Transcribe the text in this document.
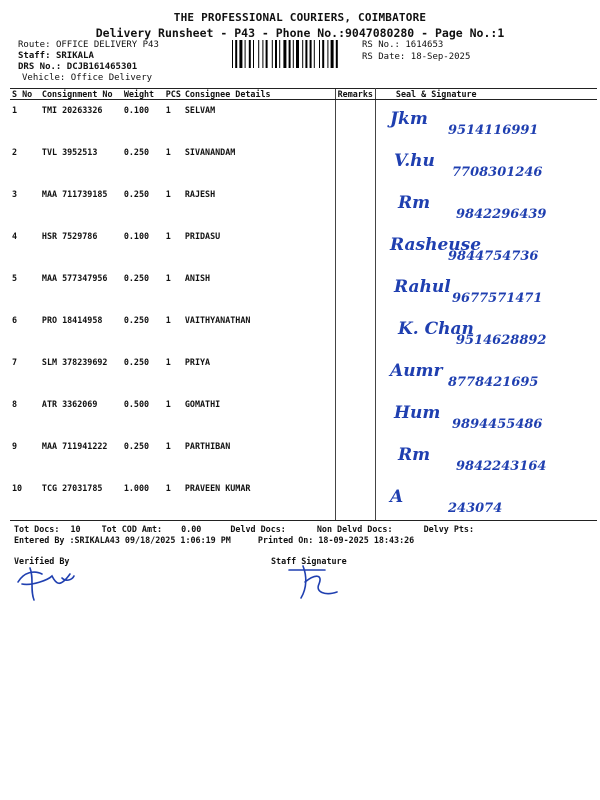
THE PROFESSIONAL COURIERS, COIMBATORE
Delivery Runsheet - P43 - Phone No.:9047080280 - Page No.:1
Route: OFFICE DELIVERY P43
Staff: SRIKALA
DRS No.: DCJB161465301
Vehicle: Office Delivery
RS No.: 1614653
RS Date: 18-Sep-2025
S No	Consignment No	Weight	PCS	Consignee Details	Remarks	Seal & Signature
1	TMI 20263326	0.100	1	SELVAM		Jkm
9514116991

2	TVL 3952513	0.250	1	SIVANANDAM		V.hu
7708301246

3	MAA 711739185	0.250	1	RAJESH		Rm
9842296439

4	HSR 7529786	0.100	1	PRIDASU		Rasheuse
9844754736

5	MAA 577347956	0.250	1	ANISH		Rahul
9677571471

6	PRO 18414958	0.250	1	VAITHYANATHAN		K. Chan
9514628892

7	SLM 378239692	0.250	1	PRIYA		Aumr
8778421695

8	ATR 3362069	0.500	1	GOMATHI		Hum
9894455486

9	MAA 711941222	0.250	1	PARTHIBAN		Rm
9842243164

10	TCG 27031785	1.000	1	PRAVEEN KUMAR		A
243074
Tot Docs: 10	Tot COD Amt: 0.00	Delvd Docs:	Non Delvd Docs:	Delvy Pts:
Entered By :SRIKALA43 09/18/2025 1:06:19 PM	Printed On: 18-09-2025 18:43:26
Verified By	Staff Signature
